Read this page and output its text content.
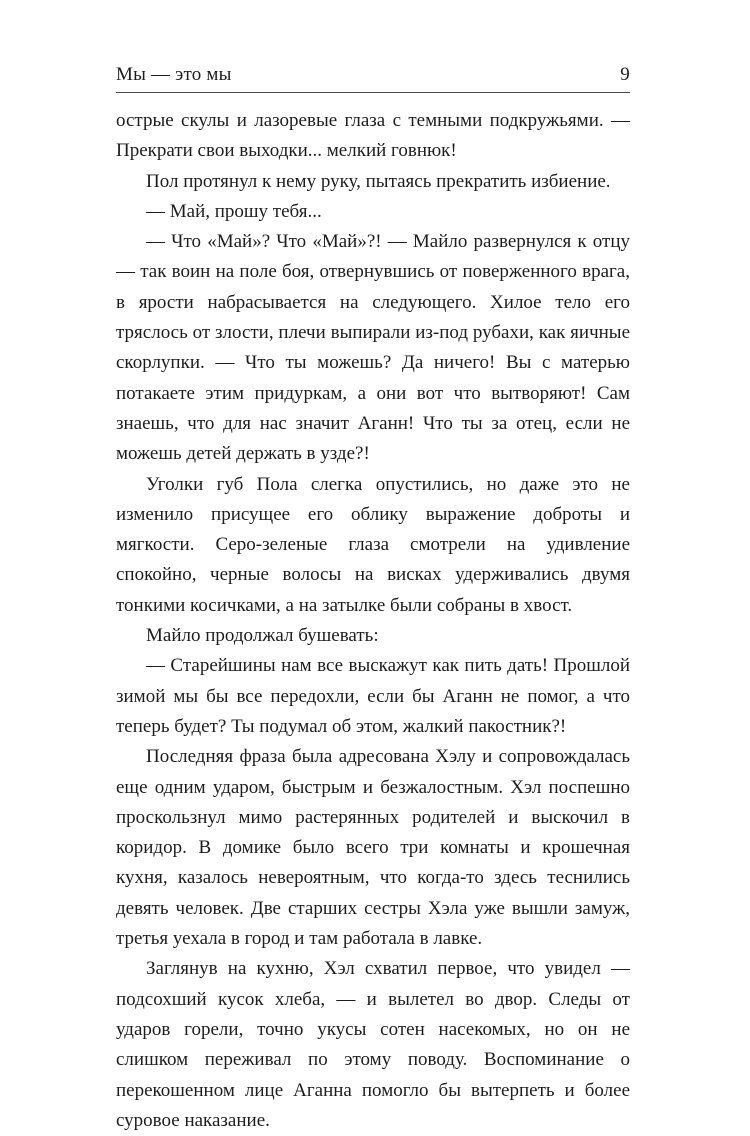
Мы — это мы	9

острые скулы и лазоревые глаза с темными подкружьями. — Прекрати свои выходки... мелкий говнюк!

Пол протянул к нему руку, пытаясь прекратить избиение.

— Май, прошу тебя...

— Что «Май»? Что «Май»?! — Майло развернулся к отцу — так воин на поле боя, отвернувшись от поверженного врага, в ярости набрасывается на следующего. Хилое тело его тряслось от злости, плечи выпирали из-под рубахи, как яичные скорлупки. — Что ты можешь? Да ничего! Вы с матерью потакаете этим придуркам, а они вот что вытворяют! Сам знаешь, что для нас значит Аганн! Что ты за отец, если не можешь детей держать в узде?!

Уголки губ Пола слегка опустились, но даже это не изменило присущее его облику выражение доброты и мягкости. Серо-зеленые глаза смотрели на удивление спокойно, черные волосы на висках удерживались двумя тонкими косичками, а на затылке были собраны в хвост.

Майло продолжал бушевать:

— Старейшины нам все выскажут как пить дать! Прошлой зимой мы бы все передохли, если бы Аганн не помог, а что теперь будет? Ты подумал об этом, жалкий пакостник?!

Последняя фраза была адресована Хэлу и сопровождалась еще одним ударом, быстрым и безжалостным. Хэл поспешно проскользнул мимо растерянных родителей и выскочил в коридор. В домике было всего три комнаты и крошечная кухня, казалось невероятным, что когда-то здесь теснились девять человек. Две старших сестры Хэла уже вышли замуж, третья уехала в город и там работала в лавке.

Заглянув на кухню, Хэл схватил первое, что увидел — подсохший кусок хлеба, — и вылетел во двор. Следы от ударов горели, точно укусы сотен насекомых, но он не слишком переживал по этому поводу. Воспоминание о перекошенном лице Аганна помогло бы вытерпеть и более суровое наказание.
